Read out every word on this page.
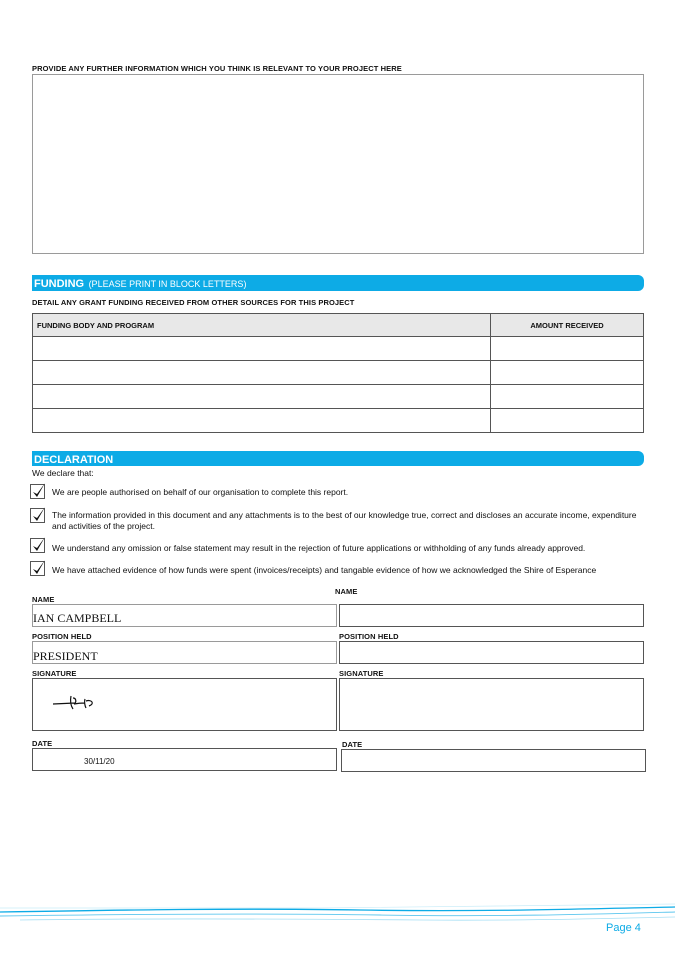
PROVIDE ANY FURTHER INFORMATION WHICH YOU THINK IS RELEVANT TO YOUR PROJECT HERE
FUNDING (PLEASE PRINT IN BLOCK LETTERS)
DETAIL ANY GRANT FUNDING RECEIVED FROM OTHER SOURCES FOR THIS PROJECT
FUNDING BODY AND PROGRAM	AMOUNT RECEIVED

DECLARATION
We declare that:
We are people authorised on behalf of our organisation to complete this report.
The information provided in this document and any attachments is to the best of our knowledge true, correct and discloses an accurate income, expenditure and activities of the project.
We understand any omission or false statement may result in the rejection of future applications or withholding of any funds already approved.
We have attached evidence of how funds were spent (invoices/receipts) and tangable evidence of how we acknowledged the Shire of Esperance
NAME
IAN CAMPBELL
POSITION HELD
PRESIDENT
SIGNATURE
DATE
30/11/20
NAME
POSITION HELD
SIGNATURE
DATE
Page 4
